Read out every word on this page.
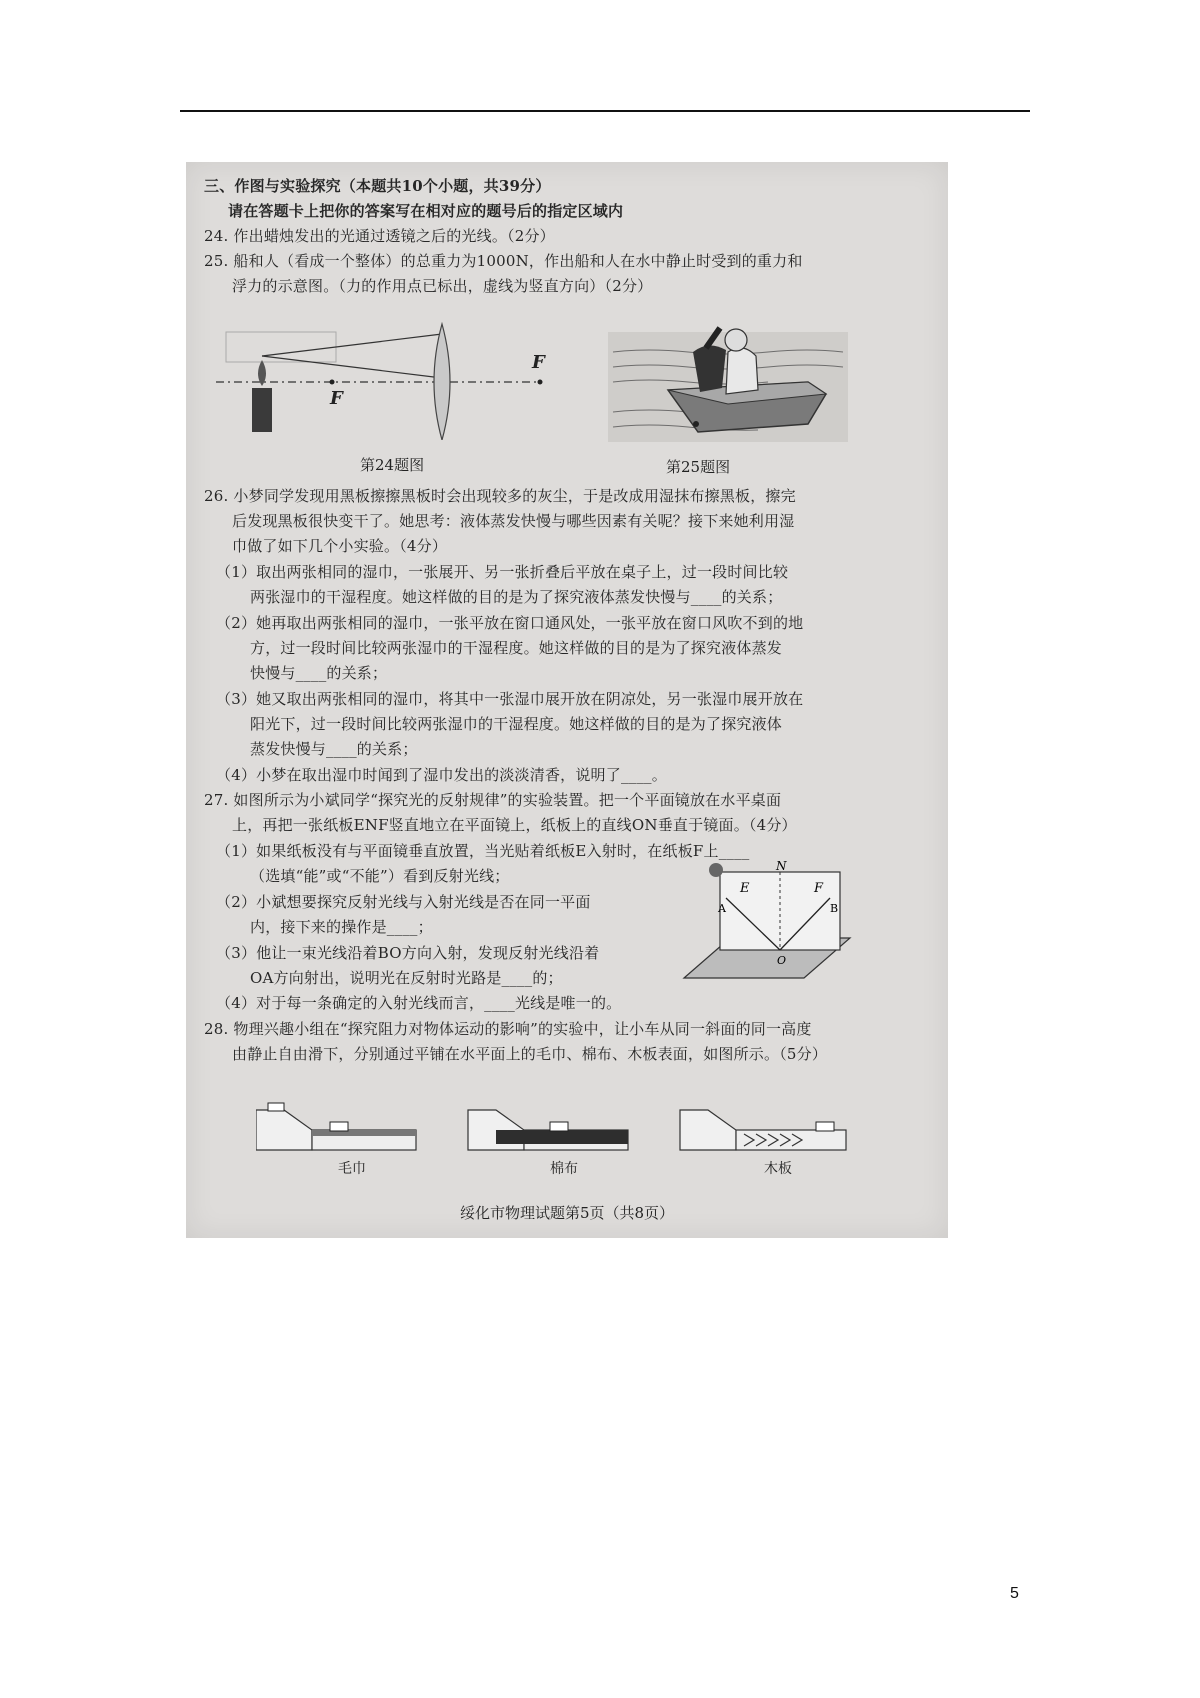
三、作图与实验探究（本题共10个小题，共39分）

请在答题卡上把你的答案写在相对应的题号后的指定区域内

24. 作出蜡烛发出的光通过透镜之后的光线。（2分）

25. 船和人（看成一个整体）的总重力为1000N，作出船和人在水中静止时受到的重力和

浮力的示意图。（力的作用点已标出，虚线为竖直方向）（2分）

26. 小梦同学发现用黑板擦擦黑板时会出现较多的灰尘，于是改成用湿抹布擦黑板，擦完

后发现黑板很快变干了。她思考：液体蒸发快慢与哪些因素有关呢？接下来她利用湿

巾做了如下几个小实验。（4分）

（1）取出两张相同的湿巾，一张展开、另一张折叠后平放在桌子上，过一段时间比较

两张湿巾的干湿程度。她这样做的目的是为了探究液体蒸发快慢与____的关系；

（2）她再取出两张相同的湿巾，一张平放在窗口通风处，一张平放在窗口风吹不到的地

方，过一段时间比较两张湿巾的干湿程度。她这样做的目的是为了探究液体蒸发

快慢与____的关系；

（3）她又取出两张相同的湿巾，将其中一张湿巾展开放在阴凉处，另一张湿巾展开放在

阳光下，过一段时间比较两张湿巾的干湿程度。她这样做的目的是为了探究液体

蒸发快慢与____的关系；

（4）小梦在取出湿巾时闻到了湿巾发出的淡淡清香，说明了____。

27. 如图所示为小斌同学“探究光的反射规律”的实验装置。把一个平面镜放在水平桌面

上，再把一张纸板ENF竖直地立在平面镜上，纸板上的直线ON垂直于镜面。（4分）

（1）如果纸板没有与平面镜垂直放置，当光贴着纸板E入射时，在纸板F上____

（选填“能”或“不能”）看到反射光线；

（2）小斌想要探究反射光线与入射光线是否在同一平面

内，接下来的操作是____；

（3）他让一束光线沿着BO方向入射，发现反射光线沿着

OA方向射出，说明光在反射时光路是____的；

（4）对于每一条确定的入射光线而言，____光线是唯一的。

28. 物理兴趣小组在“探究阻力对物体运动的影响”的实验中，让小车从同一斜面的同一高度

由静止自由滑下，分别通过平铺在水平面上的毛巾、棉布、木板表面，如图所示。（5分）

F
F
第24题图	第25题图
E
N
F
A	B
O
毛巾	棉布	木板
绥化市物理试题第5页（共8页）
5
